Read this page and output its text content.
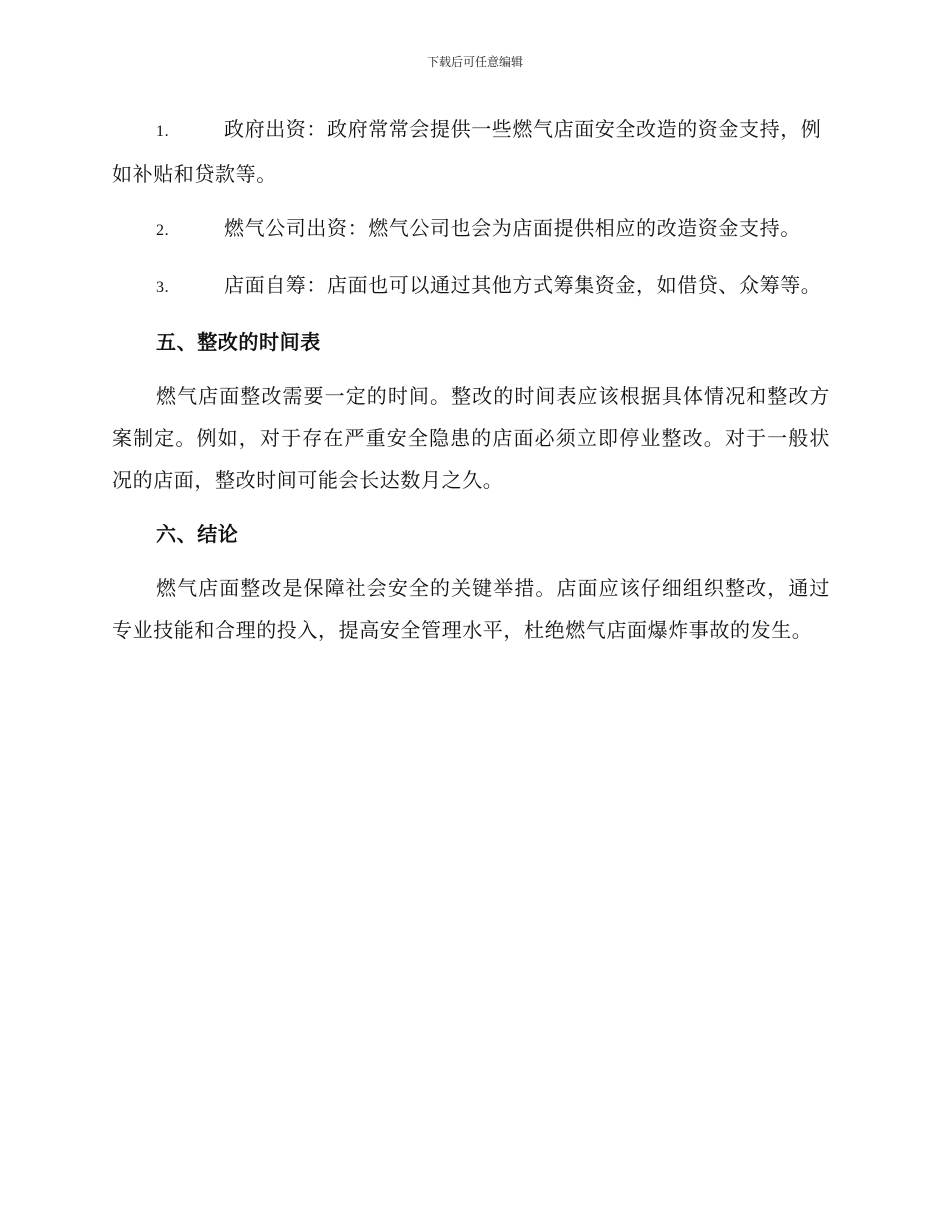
下载后可任意编辑

1.	政府出资：政府常常会提供一些燃气店面安全改造的资金支持，例如补贴和贷款等。

2.	燃气公司出资：燃气公司也会为店面提供相应的改造资金支持。

3.	店面自筹：店面也可以通过其他方式筹集资金，如借贷、众筹等。

五、整改的时间表

燃气店面整改需要一定的时间。整改的时间表应该根据具体情况和整改方案制定。例如，对于存在严重安全隐患的店面必须立即停业整改。对于一般状况的店面，整改时间可能会长达数月之久。

六、结论

燃气店面整改是保障社会安全的关键举措。店面应该仔细组织整改，通过专业技能和合理的投入，提高安全管理水平，杜绝燃气店面爆炸事故的发生。
